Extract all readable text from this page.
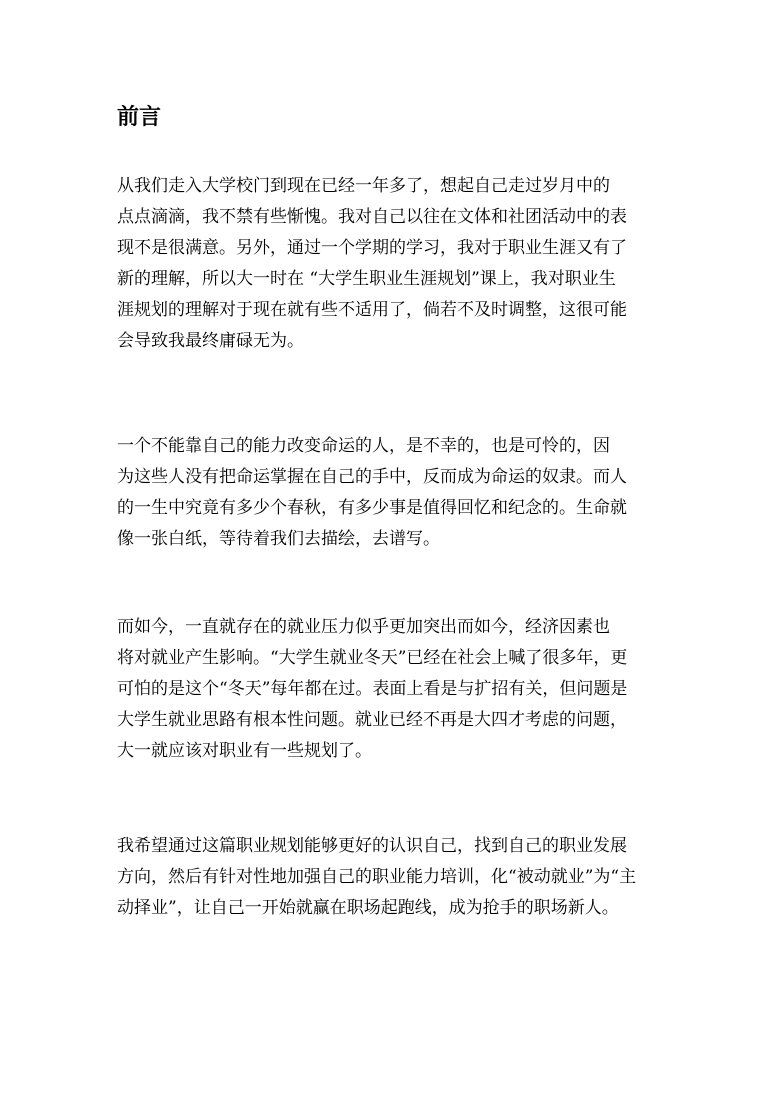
前言
从我们走入大学校门到现在已经一年多了，想起自己走过岁月中的
点点滴滴，我不禁有些惭愧。我对自己以往在文体和社团活动中的表
现不是很满意。另外，通过一个学期的学习，我对于职业生涯又有了
新的理解，所以大一时在 “大学生职业生涯规划”课上，我对职业生
涯规划的理解对于现在就有些不适用了，倘若不及时调整，这很可能
会导致我最终庸碌无为。
一个不能靠自己的能力改变命运的人，是不幸的，也是可怜的，因
为这些人没有把命运掌握在自己的手中，反而成为命运的奴隶。而人
的一生中究竟有多少个春秋，有多少事是值得回忆和纪念的。生命就
像一张白纸，等待着我们去描绘，去谱写。
而如今，一直就存在的就业压力似乎更加突出而如今，经济因素也
将对就业产生影响。“大学生就业冬天”已经在社会上喊了很多年，更
可怕的是这个“冬天”每年都在过。表面上看是与扩招有关，但问题是
大学生就业思路有根本性问题。就业已经不再是大四才考虑的问题，
大一就应该对职业有一些规划了。
我希望通过这篇职业规划能够更好的认识自己，找到自己的职业发展
方向，然后有针对性地加强自己的职业能力培训，化“被动就业”为“主
动择业”，让自己一开始就赢在职场起跑线，成为抢手的职场新人。
